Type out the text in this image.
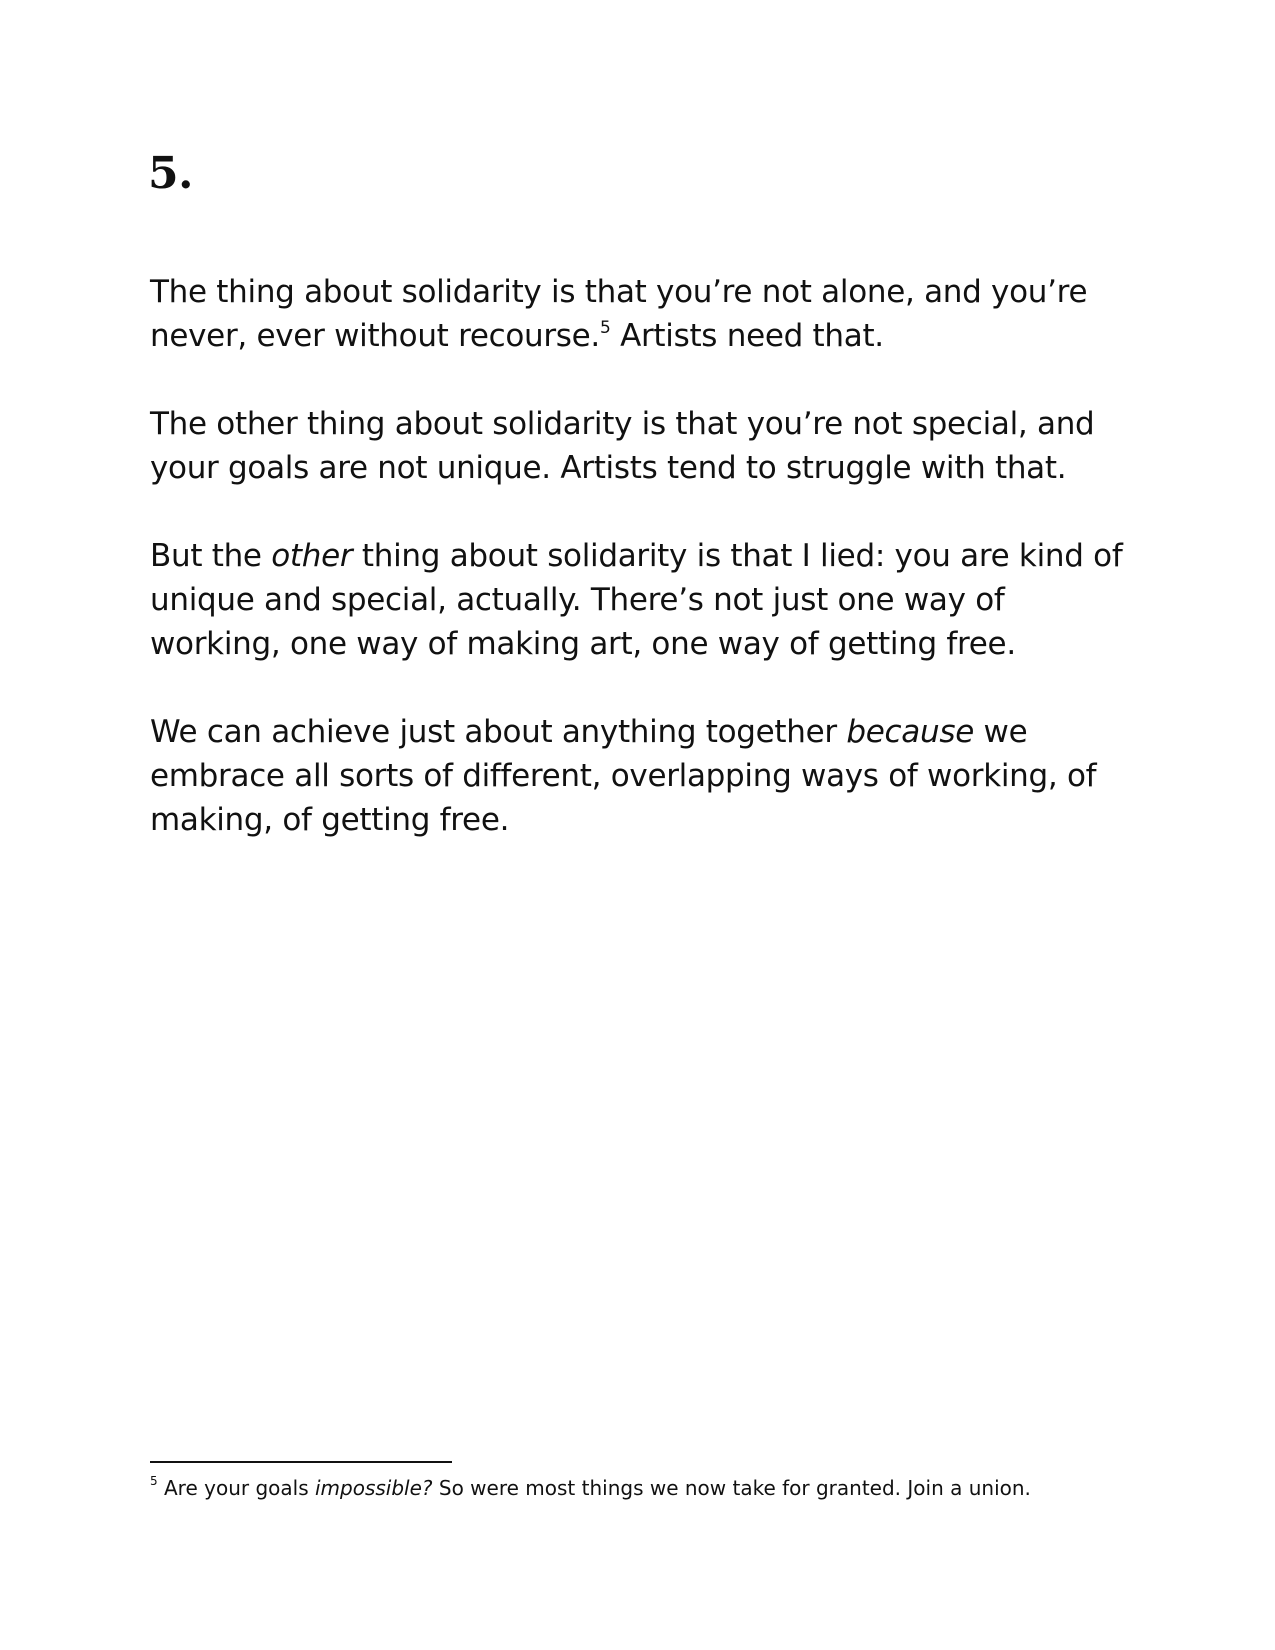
5.

The thing about solidarity is that you’re not alone, and you’re never, ever without recourse.$^5$ Artists need that.

The other thing about solidarity is that you’re not special, and your goals are not unique. Artists tend to struggle with that.

But the other thing about solidarity is that I lied: you are kind of unique and special, actually. There’s not just one way of working, one way of making art, one way of getting free.

We can achieve just about anything together because we embrace all sorts of different, overlapping ways of working, of making, of getting free.

$^5$ Are your goals impossible? So were most things we now take for granted. Join a union.
